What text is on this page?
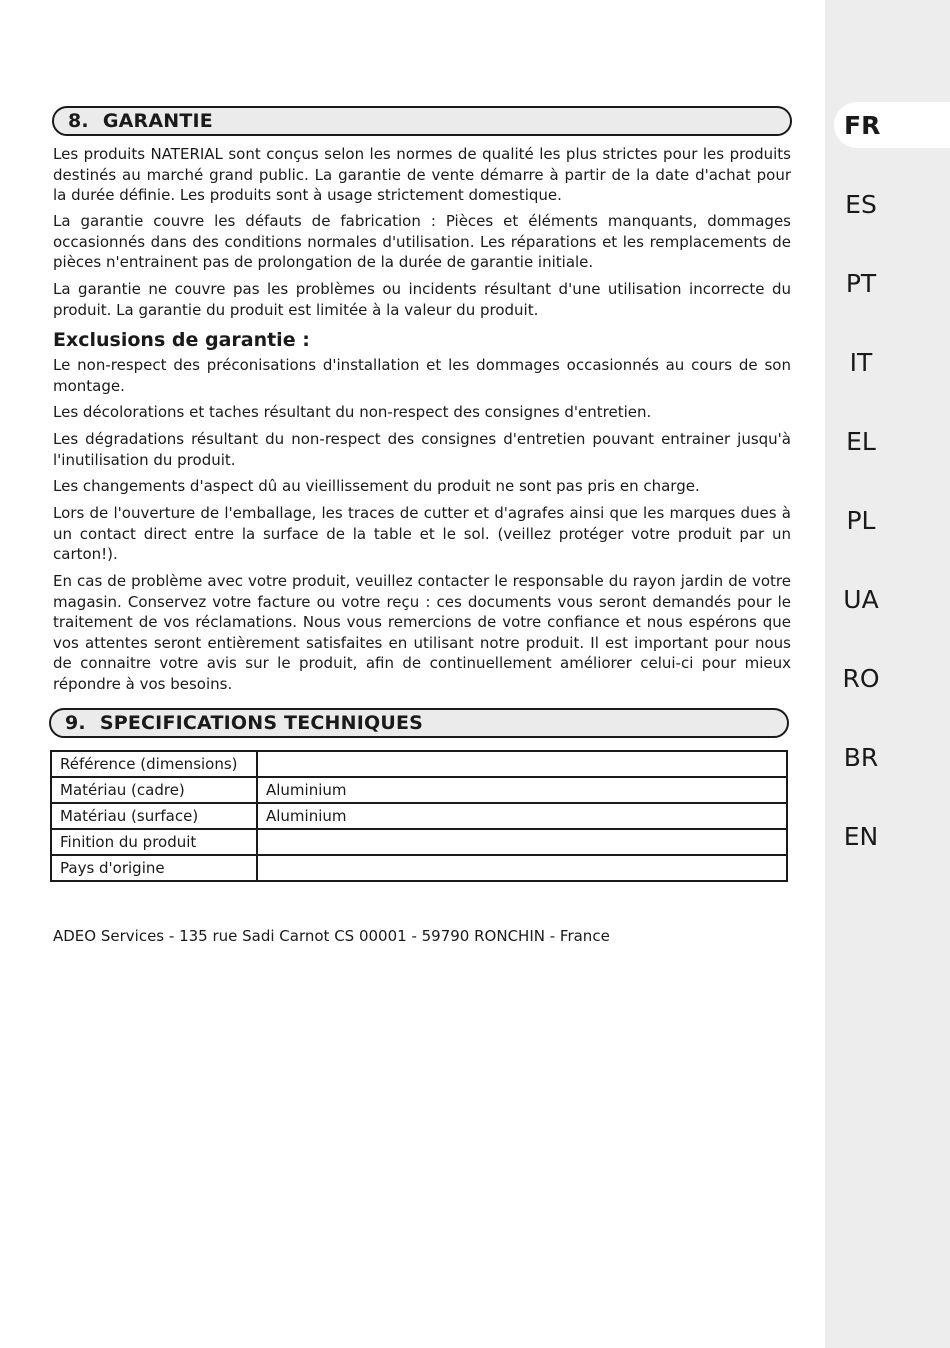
8. GARANTIE

Les produits NATERIAL sont conçus selon les normes de qualité les plus strictes pour les produits destinés au marché grand public. La garantie de vente démarre à partir de la date d'achat pour la durée définie. Les produits sont à usage strictement domestique.

La garantie couvre les défauts de fabrication : Pièces et éléments manquants, dommages occasionnés dans des conditions normales d'utilisation. Les réparations et les remplacements de pièces n'entrainent pas de prolongation de la durée de garantie initiale.

La garantie ne couvre pas les problèmes ou incidents résultant d'une utilisation incorrecte du produit. La garantie du produit est limitée à la valeur du produit.

Exclusions de garantie :

Le non-respect des préconisations d'installation et les dommages occasionnés au cours de son montage.

Les décolorations et taches résultant du non-respect des consignes d'entretien.

Les dégradations résultant du non-respect des consignes d'entretien pouvant entrainer jusqu'à l'inutilisation du produit.

Les changements d'aspect dû au vieillissement du produit ne sont pas pris en charge.

Lors de l'ouverture de l'emballage, les traces de cutter et d'agrafes ainsi que les marques dues à un contact direct entre la surface de la table et le sol. (veillez protéger votre produit par un carton!).

En cas de problème avec votre produit, veuillez contacter le responsable du rayon jardin de votre magasin. Conservez votre facture ou votre reçu : ces documents vous seront demandés pour le traitement de vos réclamations. Nous vous remercions de votre confiance et nous espérons que vos attentes seront entièrement satisfaites en utilisant notre produit. Il est important pour nous de connaitre votre avis sur le produit, afin de continuellement améliorer celui-ci pour mieux répondre à vos besoins.

9. SPECIFICATIONS TECHNIQUES
Référence (dimensions)	
Matériau (cadre)	Aluminium
Matériau (surface)	Aluminium
Finition du produit	
Pays d'origine	

ADEO Services - 135 rue Sadi Carnot CS 00001 - 59790 RONCHIN - France

FR
ES
PT
IT
EL
PL
UA
RO
BR
EN
